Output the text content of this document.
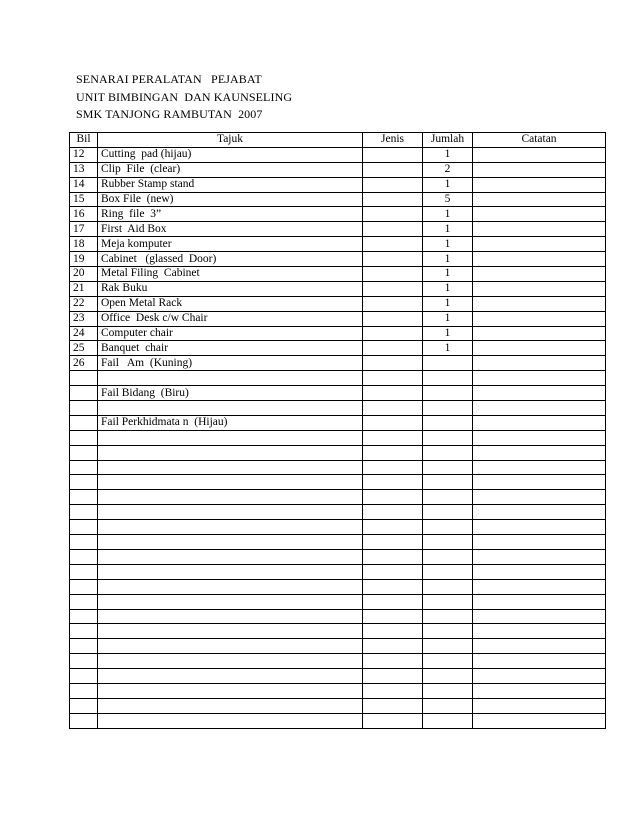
SENARAI PERALATAN   PEJABAT
UNIT BIMBINGAN  DAN KAUNSELING
SMK TANJONG RAMBUTAN  2007
Bil	Tajuk	Jenis	Jumlah	Catatan
12	Cutting  pad (hijau)		1	
13	Clip  File  (clear)		2	
14	Rubber Stamp stand		1	
15	Box File  (new)		5	
16	Ring  file  3”		1	
17	First  Aid Box		1	
18	Meja komputer		1	
19	Cabinet   (glassed  Door)		1	
20	Metal Filing  Cabinet		1	
21	Rak Buku		1	
22	Open Metal Rack		1	
23	Office  Desk c/w Chair		1	
24	Computer chair		1	
25	Banquet  chair		1	
26	Fail   Am  (Kuning)			

	Fail Bidang  (Biru)			

	Fail Perkhidmata n  (Hijau)			
